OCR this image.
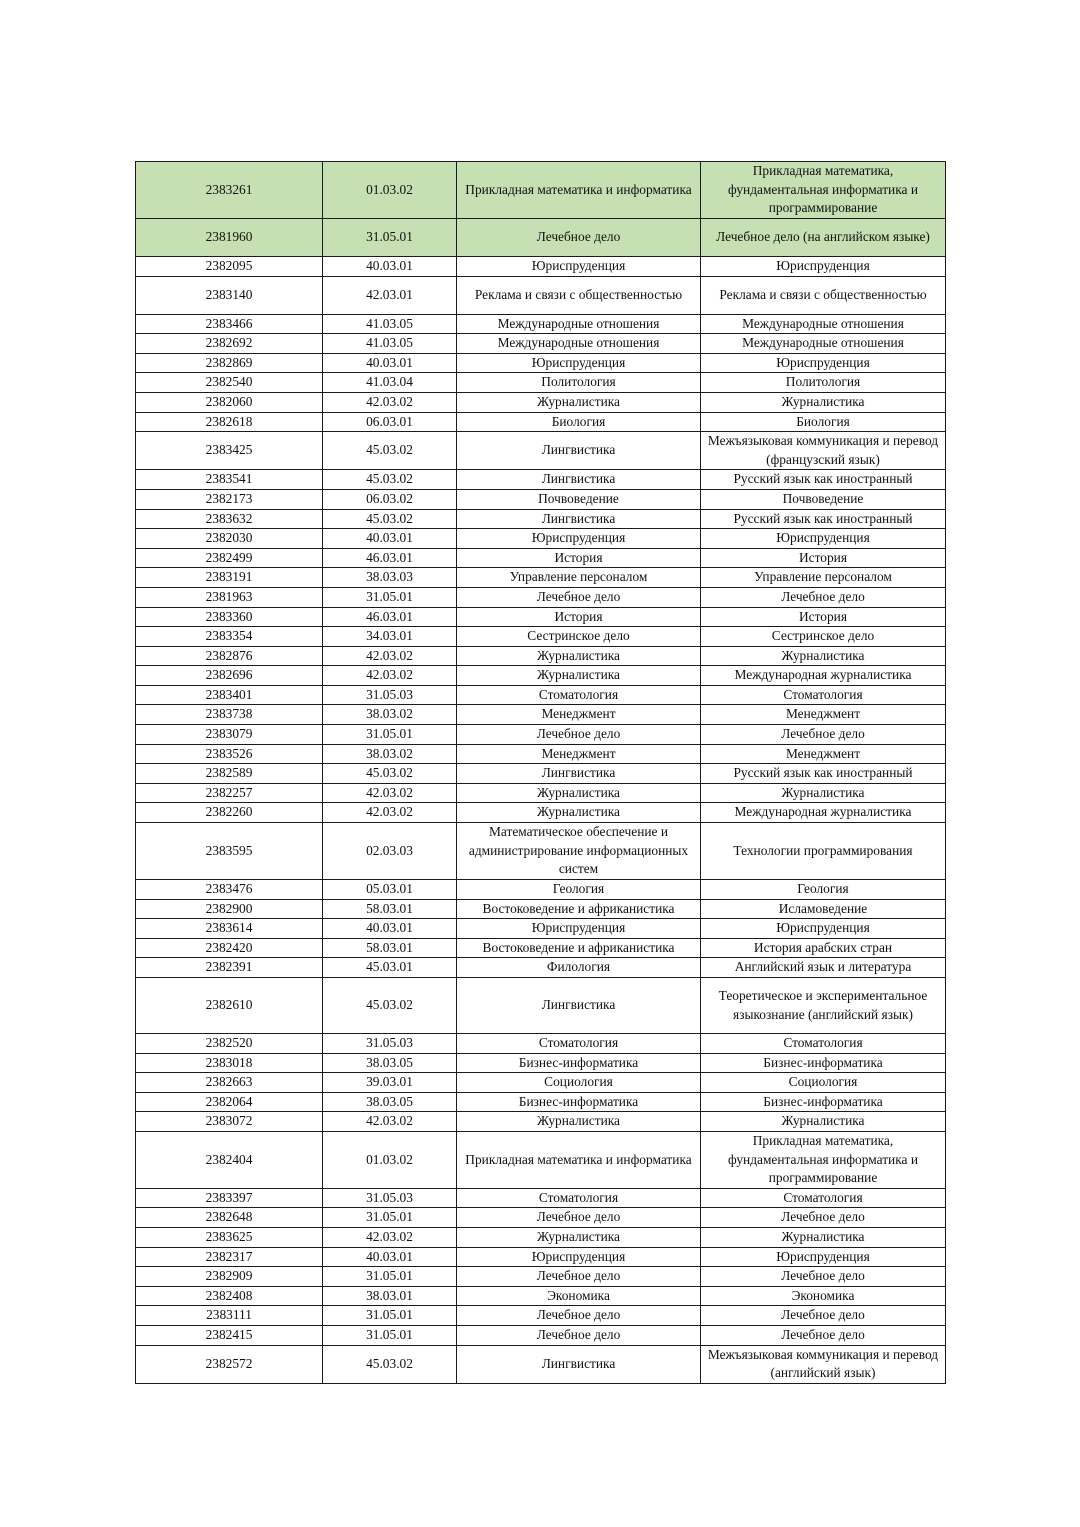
2383261	01.03.02	Прикладная математика и информатика	Прикладная математика, фундаментальная информатика и программирование
2381960	31.05.01	Лечебное дело	Лечебное дело (на английском языке)
2382095	40.03.01	Юриспруденция	Юриспруденция
2383140	42.03.01	Реклама и связи с общественностью	Реклама и связи с общественностью
2383466	41.03.05	Международные отношения	Международные отношения
2382692	41.03.05	Международные отношения	Международные отношения
2382869	40.03.01	Юриспруденция	Юриспруденция
2382540	41.03.04	Политология	Политология
2382060	42.03.02	Журналистика	Журналистика
2382618	06.03.01	Биология	Биология
2383425	45.03.02	Лингвистика	Межъязыковая коммуникация и перевод (французский язык)
2383541	45.03.02	Лингвистика	Русский язык как иностранный
2382173	06.03.02	Почвоведение	Почвоведение
2383632	45.03.02	Лингвистика	Русский язык как иностранный
2382030	40.03.01	Юриспруденция	Юриспруденция
2382499	46.03.01	История	История
2383191	38.03.03	Управление персоналом	Управление персоналом
2381963	31.05.01	Лечебное дело	Лечебное дело
2383360	46.03.01	История	История
2383354	34.03.01	Сестринское дело	Сестринское дело
2382876	42.03.02	Журналистика	Журналистика
2382696	42.03.02	Журналистика	Международная журналистика
2383401	31.05.03	Стоматология	Стоматология
2383738	38.03.02	Менеджмент	Менеджмент
2383079	31.05.01	Лечебное дело	Лечебное дело
2383526	38.03.02	Менеджмент	Менеджмент
2382589	45.03.02	Лингвистика	Русский язык как иностранный
2382257	42.03.02	Журналистика	Журналистика
2382260	42.03.02	Журналистика	Международная журналистика
2383595	02.03.03	Математическое обеспечение и администрирование информационных систем	Технологии программирования
2383476	05.03.01	Геология	Геология
2382900	58.03.01	Востоковедение и африканистика	Исламоведение
2383614	40.03.01	Юриспруденция	Юриспруденция
2382420	58.03.01	Востоковедение и африканистика	История арабских стран
2382391	45.03.01	Филология	Английский язык и литература
2382610	45.03.02	Лингвистика	Теоретическое и экспериментальное языкознание (английский язык)
2382520	31.05.03	Стоматология	Стоматология
2383018	38.03.05	Бизнес-информатика	Бизнес-информатика
2382663	39.03.01	Социология	Социология
2382064	38.03.05	Бизнес-информатика	Бизнес-информатика
2383072	42.03.02	Журналистика	Журналистика
2382404	01.03.02	Прикладная математика и информатика	Прикладная математика, фундаментальная информатика и программирование
2383397	31.05.03	Стоматология	Стоматология
2382648	31.05.01	Лечебное дело	Лечебное дело
2383625	42.03.02	Журналистика	Журналистика
2382317	40.03.01	Юриспруденция	Юриспруденция
2382909	31.05.01	Лечебное дело	Лечебное дело
2382408	38.03.01	Экономика	Экономика
2383111	31.05.01	Лечебное дело	Лечебное дело
2382415	31.05.01	Лечебное дело	Лечебное дело
2382572	45.03.02	Лингвистика	Межъязыковая коммуникация и перевод (английский язык)
